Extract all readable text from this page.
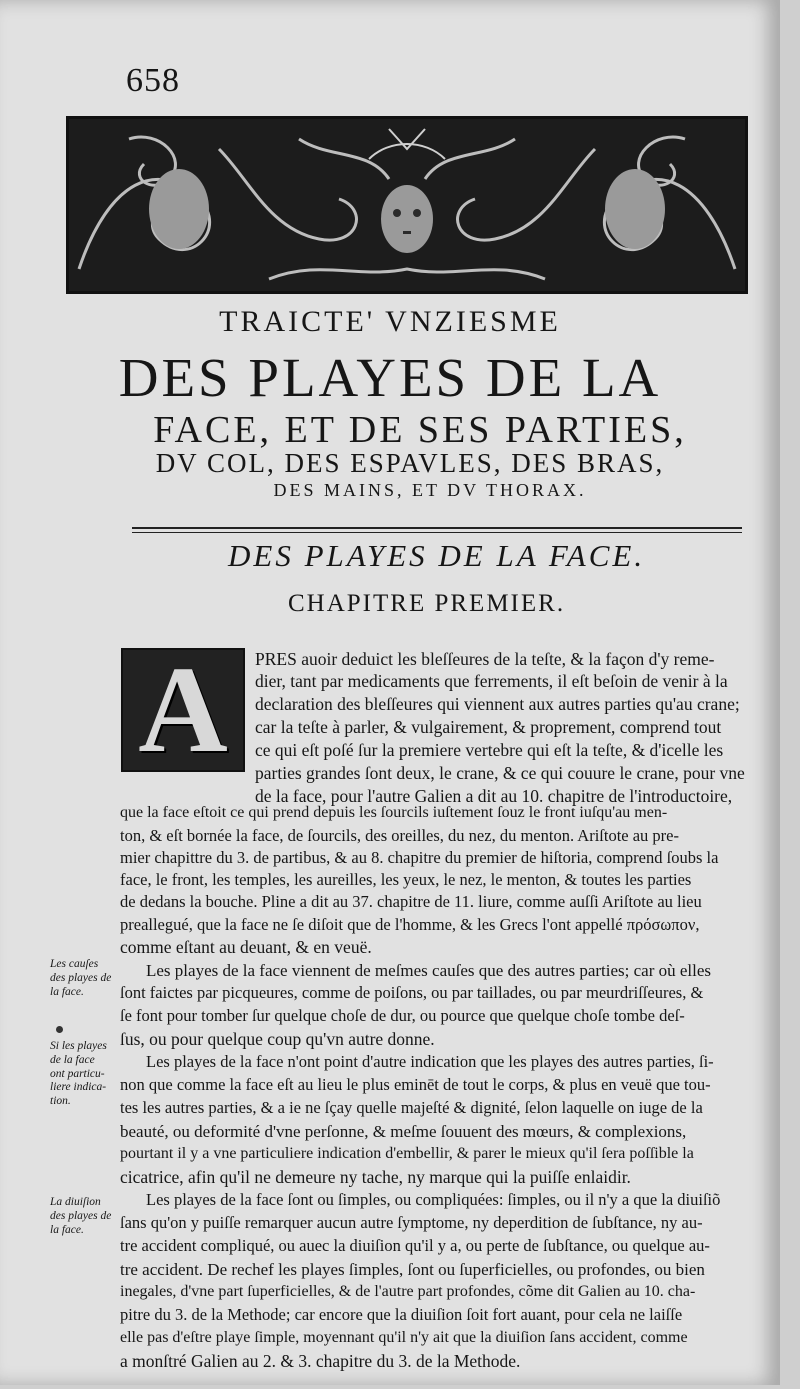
658
TRAICTE' VNZIESME
DES PLAYES DE LA
FACE, ET DE SES PARTIES,
DV COL, DES ESPAVLES, DES BRAS,
DES MAINS, ET DV THORAX.
DES PLAYES DE LA FACE.
CHAPITRE PREMIER.
A	PRES auoir deduict les bleſſeures de la teſte, & la façon d'y reme-
dier, tant par medicaments que ferrements, il eſt beſoin de venir à la
declaration des bleſſeures qui viennent aux autres parties qu'au crane;
car la teſte à parler, & vulgairement, & proprement, comprend tout
ce qui eſt poſé ſur la premiere vertebre qui eſt la teſte, & d'icelle les
parties grandes ſont deux, le crane, & ce qui couure le crane, pour vne
de la face, pour l'autre Galien a dit au 10. chapitre de l'introductoire,
que la face eſtoit ce qui prend depuis les ſourcils iuſtement ſouz le front iuſqu'au men-
ton, & eſt bornée la face, de ſourcils, des oreilles, du nez, du menton. Ariſtote au pre-
mier chapittre du 3. de partibus, & au 8. chapitre du premier de hiſtoria, comprend ſoubs la
face, le front, les temples, les aureilles, les yeux, le nez, le menton, & toutes les parties
de dedans la bouche. Pline a dit au 37. chapitre de 11. liure, comme auſſi Ariſtote au lieu
preallegué, que la face ne ſe diſoit que de l'homme, & les Grecs l'ont appellé πρόσωπον,
comme eſtant au deuant, & en veuë.
Les playes de la face viennent de meſmes cauſes que des autres parties; car où elles
ſont faictes par picqueures, comme de poiſons, ou par taillades, ou par meurdriſſeures, &
ſe font pour tomber ſur quelque choſe de dur, ou pource que quelque choſe tombe deſ-
ſus, ou pour quelque coup qu'vn autre donne.
Les playes de la face n'ont point d'autre indication que les playes des autres parties, ſi-
non que comme la face eſt au lieu le plus eminēt de tout le corps, & plus en veuë que tou-
tes les autres parties, & a ie ne ſçay quelle majeſté & dignité, ſelon laquelle on iuge de la
beauté, ou deformité d'vne perſonne, & meſme ſouuent des mœurs, & complexions,
pourtant il y a vne particuliere indication d'embellir, & parer le mieux qu'il ſera poſſible la
cicatrice, afin qu'il ne demeure ny tache, ny marque qui la puiſſe enlaidir.
Les playes de la face ſont ou ſimples, ou compliquées: ſimples, ou il n'y a que la diuiſiõ
ſans qu'on y puiſſe remarquer aucun autre ſymptome, ny deperdition de ſubſtance, ny au-
tre accident compliqué, ou auec la diuiſion qu'il y a, ou perte de ſubſtance, ou quelque au-
tre accident. De rechef les playes ſimples, ſont ou ſuperficielles, ou profondes, ou bien
inegales, d'vne part ſuperficielles, & de l'autre part profondes, cõme dit Galien au 10. cha-
pitre du 3. de la Methode; car encore que la diuiſion ſoit fort auant, pour cela ne laiſſe
elle pas d'eſtre playe ſimple, moyennant qu'il n'y ait que la diuiſion ſans accident, comme
a monſtré Galien au 2. & 3. chapitre du 3. de la Methode.
Les cauſes
des playes de
la face.
Si les playes
de la face
ont particu-
liere indica-
tion.
La diuiſion
des playes de
la face.
